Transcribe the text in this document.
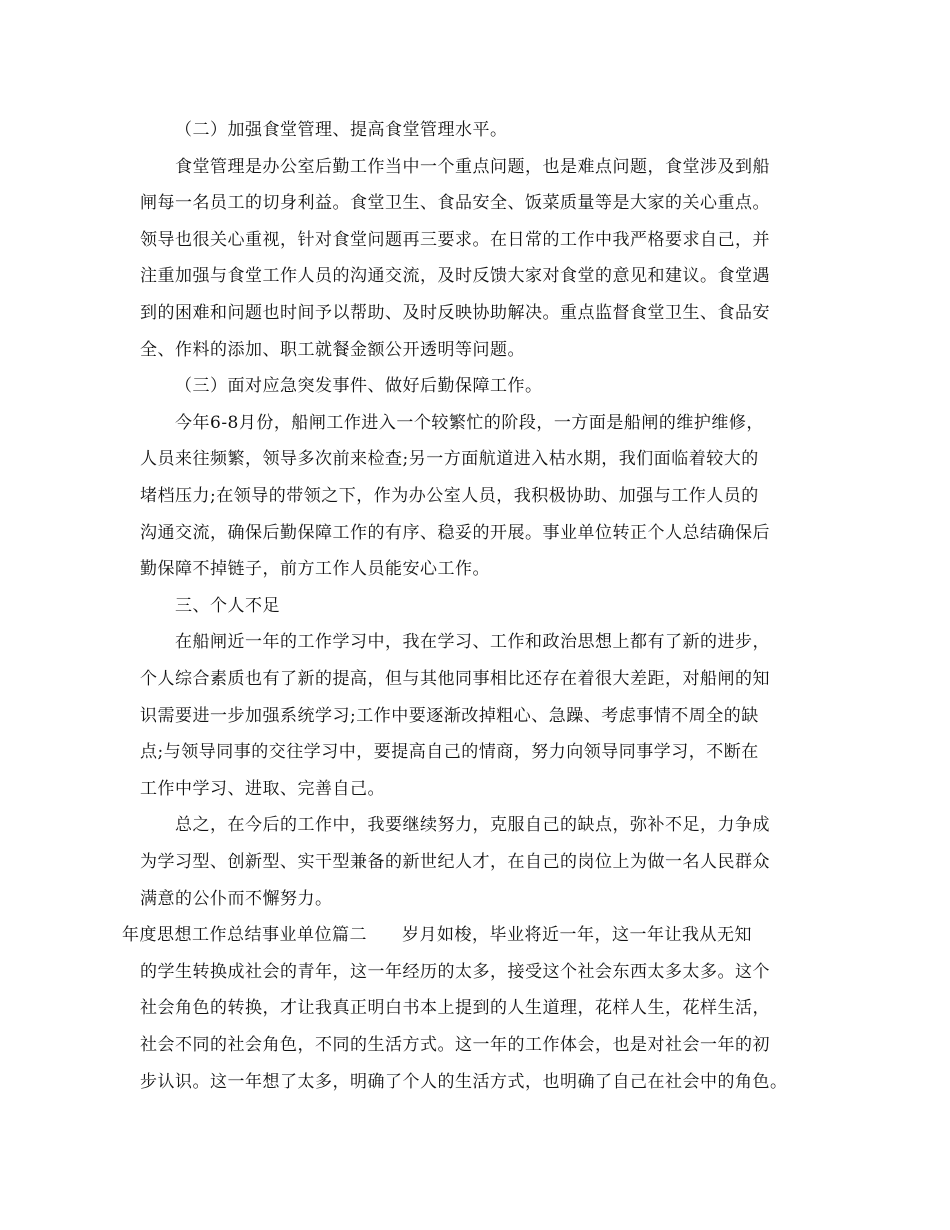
（二）加强食堂管理、提高食堂管理水平。
食堂管理是办公室后勤工作当中一个重点问题，也是难点问题，食堂涉及到船
闸每一名员工的切身利益。食堂卫生、食品安全、饭菜质量等是大家的关心重点。
领导也很关心重视，针对食堂问题再三要求。在日常的工作中我严格要求自己，并
注重加强与食堂工作人员的沟通交流，及时反馈大家对食堂的意见和建议。食堂遇
到的困难和问题也时间予以帮助、及时反映协助解决。重点监督食堂卫生、食品安
全、作料的添加、职工就餐金额公开透明等问题。
（三）面对应急突发事件、做好后勤保障工作。
今年6-8月份，船闸工作进入一个较繁忙的阶段，一方面是船闸的维护维修，
人员来往频繁，领导多次前来检查;另一方面航道进入枯水期，我们面临着较大的
堵档压力;在领导的带领之下，作为办公室人员，我积极协助、加强与工作人员的
沟通交流，确保后勤保障工作的有序、稳妥的开展。事业单位转正个人总结确保后
勤保障不掉链子，前方工作人员能安心工作。
三、个人不足
在船闸近一年的工作学习中，我在学习、工作和政治思想上都有了新的进步，
个人综合素质也有了新的提高，但与其他同事相比还存在着很大差距，对船闸的知
识需要进一步加强系统学习;工作中要逐渐改掉粗心、急躁、考虑事情不周全的缺
点;与领导同事的交往学习中，要提高自己的情商，努力向领导同事学习，不断在
工作中学习、进取、完善自己。
总之，在今后的工作中，我要继续努力，克服自己的缺点，弥补不足，力争成
为学习型、创新型、实干型兼备的新世纪人才，在自己的岗位上为做一名人民群众
满意的公仆而不懈努力。
年度思想工作总结事业单位篇二　　岁月如梭，毕业将近一年，这一年让我从无知
的学生转换成社会的青年，这一年经历的太多，接受这个社会东西太多太多。这个
社会角色的转换，才让我真正明白书本上提到的人生道理，花样人生，花样生活，
社会不同的社会角色，不同的生活方式。这一年的工作体会，也是对社会一年的初
步认识。这一年想了太多，明确了个人的生活方式，也明确了自己在社会中的角色。
